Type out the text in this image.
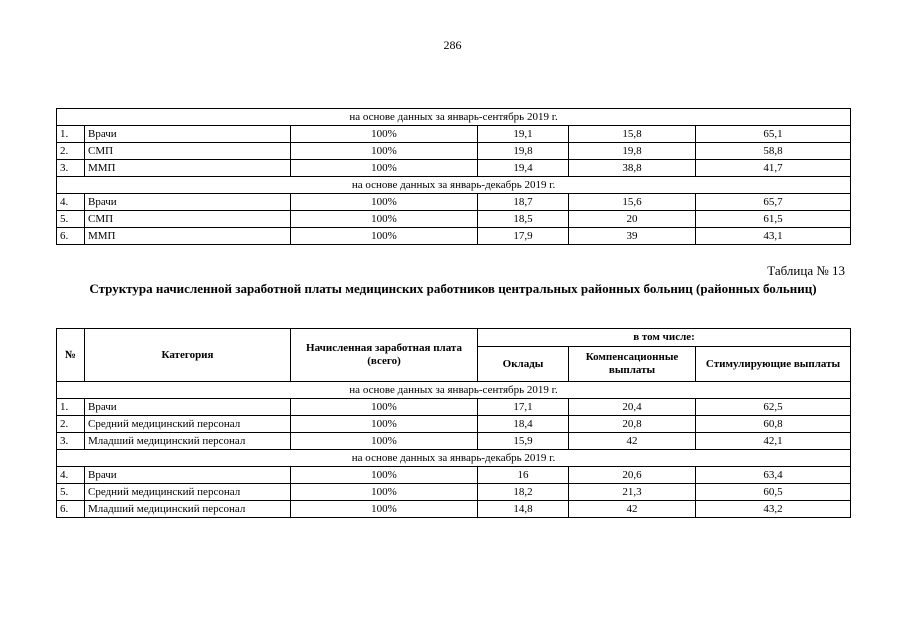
286
на основе данных за январь-сентябрь 2019 г.					
1.	Врачи	100%	19,1	15,8	65,1
2.	СМП	100%	19,8	19,8	58,8
3.	ММП	100%	19,4	38,8	41,7
на основе данных за январь-декабрь 2019 г.					
4.	Врачи	100%	18,7	15,6	65,7
5.	СМП	100%	18,5	20	61,5
6.	ММП	100%	17,9	39	43,1
Таблица № 13
Структура начисленной заработной платы медицинских работников центральных районных больниц (районных больниц)
№	Категория	Начисленная заработная плата (всего)	в том числе:		
			Оклады	Компенсационные выплаты	Стимулирующие выплаты
на основе данных за январь-сентябрь 2019 г.					
1.	Врачи	100%	17,1	20,4	62,5
2.	Средний медицинский персонал	100%	18,4	20,8	60,8
3.	Младший медицинский персонал	100%	15,9	42	42,1
на основе данных за январь-декабрь 2019 г.					
4.	Врачи	100%	16	20,6	63,4
5.	Средний медицинский персонал	100%	18,2	21,3	60,5
6.	Младший медицинский персонал	100%	14,8	42	43,2
